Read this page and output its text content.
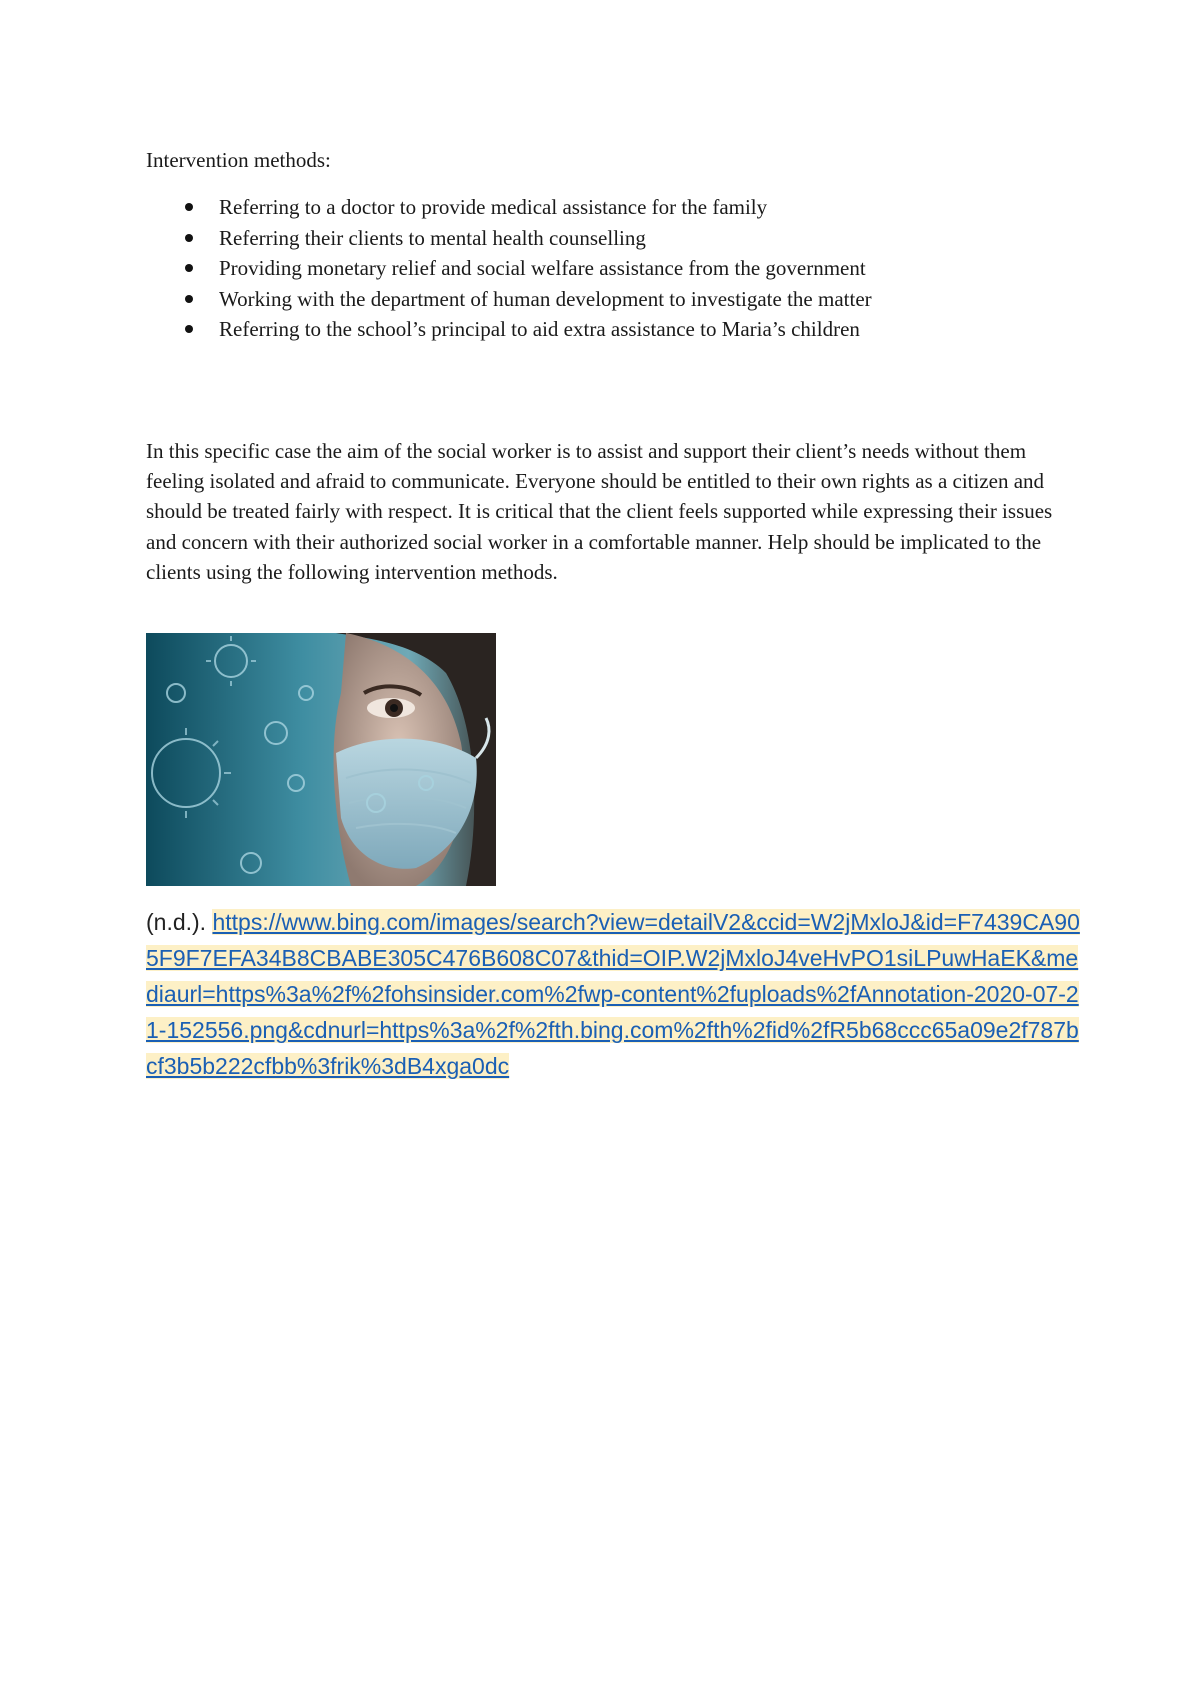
Intervention methods:

Referring to a doctor to provide medical assistance for the family
Referring their clients to mental health counselling
Providing monetary relief and social welfare assistance from the government
Working with the department of human development to investigate the matter
Referring to the school’s principal to aid extra assistance to Maria’s children

In this specific case the aim of the social worker is to assist and support their client’s needs without them feeling isolated and afraid to communicate. Everyone should be entitled to their own rights as a citizen and should be treated fairly with respect. It is critical that the client feels supported while expressing their issues and concern with their authorized social worker in a comfortable manner. Help should be implicated to the clients using the following intervention methods.

(n.d.). https://www.bing.com/images/search?view=detailV2&ccid=W2jMxloJ&id=F7439CA905F9F7EFA34B8CBABE305C476B608C07&thid=OIP.W2jMxloJ4veHvPO1siLPuwHaEK&mediaurl=https%3a%2f%2fohsinsider.com%2fwp-content%2fuploads%2fAnnotation-2020-07-21-152556.png&cdnurl=https%3a%2f%2fth.bing.com%2fth%2fid%2fR5b68ccc65a09e2f787bcf3b5b222cfbb%3frik%3dB4xga0dc
